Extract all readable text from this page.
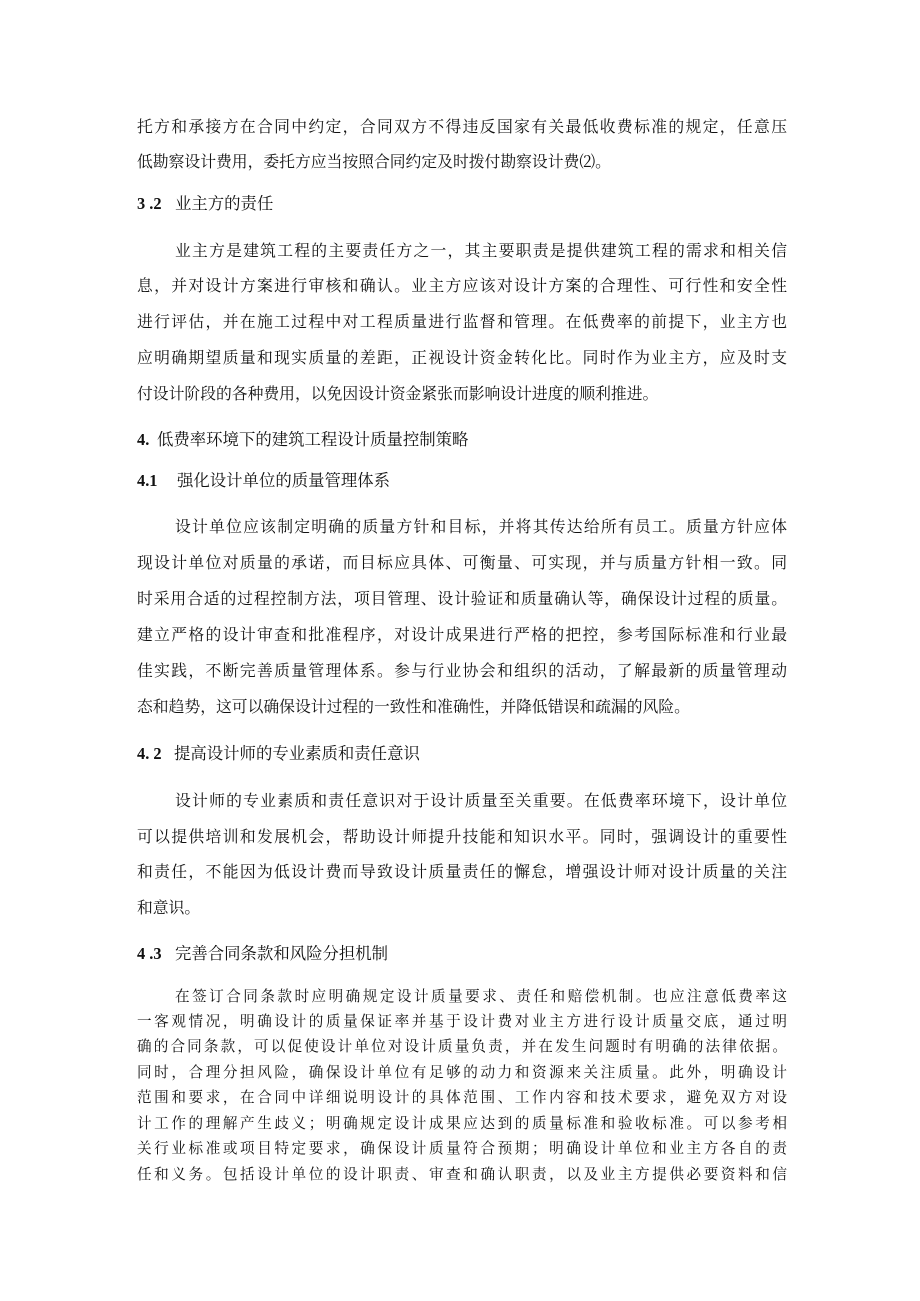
托方和承接方在合同中约定，合同双方不得违反国家有关最低收费标准的规定，任意压
低勘察设计费用，委托方应当按照合同约定及时拨付勘察设计费⑵。
3 .2 业主方的责任
业主方是建筑工程的主要责任方之一，其主要职责是提供建筑工程的需求和相关信
息，并对设计方案进行审核和确认。业主方应该对设计方案的合理性、可行性和安全性
进行评估，并在施工过程中对工程质量进行监督和管理。在低费率的前提下，业主方也
应明确期望质量和现实质量的差距，正视设计资金转化比。同时作为业主方，应及时支
付设计阶段的各种费用，以免因设计资金紧张而影响设计进度的顺利推进。
4. 低费率环境下的建筑工程设计质量控制策略
4.1 强化设计单位的质量管理体系
设计单位应该制定明确的质量方针和目标，并将其传达给所有员工。质量方针应体
现设计单位对质量的承诺，而目标应具体、可衡量、可实现，并与质量方针相一致。同
时采用合适的过程控制方法，项目管理、设计验证和质量确认等，确保设计过程的质量。
建立严格的设计审查和批准程序，对设计成果进行严格的把控，参考国际标准和行业最
佳实践，不断完善质量管理体系。参与行业协会和组织的活动，了解最新的质量管理动
态和趋势，这可以确保设计过程的一致性和准确性，并降低错误和疏漏的风险。
4. 2 提高设计师的专业素质和责任意识
设计师的专业素质和责任意识对于设计质量至关重要。在低费率环境下，设计单位
可以提供培训和发展机会，帮助设计师提升技能和知识水平。同时，强调设计的重要性
和责任，不能因为低设计费而导致设计质量责任的懈怠，增强设计师对设计质量的关注
和意识。
4 .3 完善合同条款和风险分担机制
在签订合同条款时应明确规定设计质量要求、责任和赔偿机制。也应注意低费率这
一客观情况，明确设计的质量保证率并基于设计费对业主方进行设计质量交底，通过明
确的合同条款，可以促使设计单位对设计质量负责，并在发生问题时有明确的法律依据。
同时，合理分担风险，确保设计单位有足够的动力和资源来关注质量。此外，明确设计
范围和要求，在合同中详细说明设计的具体范围、工作内容和技术要求，避免双方对设
计工作的理解产生歧义；明确规定设计成果应达到的质量标准和验收标准。可以参考相
关行业标准或项目特定要求，确保设计质量符合预期；明确设计单位和业主方各自的责
任和义务。包括设计单位的设计职责、审查和确认职责，以及业主方提供必要资料和信
